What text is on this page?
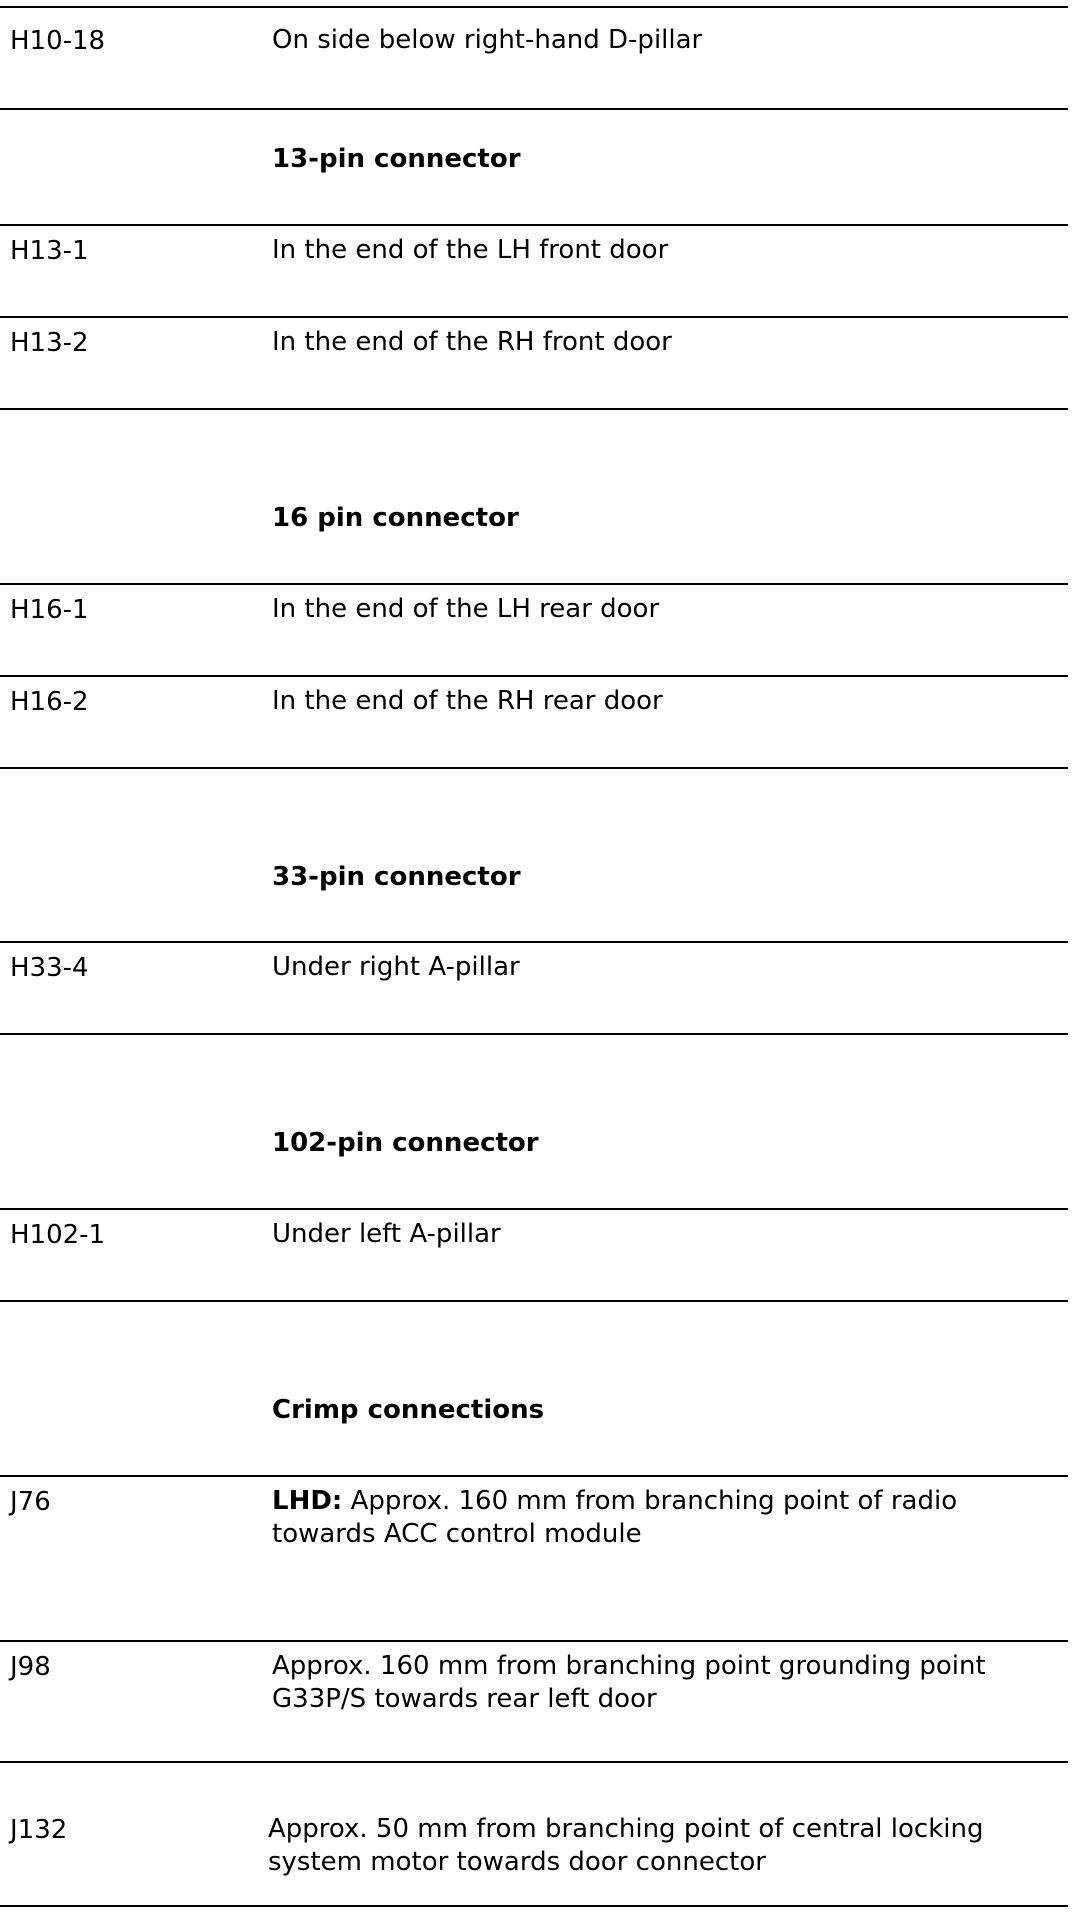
H10-18	On side below right-hand D-pillar
13-pin connector
H13-1	In the end of the LH front door
H13-2	In the end of the RH front door
16 pin connector
H16-1	In the end of the LH rear door
H16-2	In the end of the RH rear door
33-pin connector
H33-4	Under right A-pillar
102-pin connector
H102-1	Under left A-pillar
Crimp connections
J76	LHD: Approx. 160 mm from branching point of radio towards ACC control module
J98	Approx. 160 mm from branching point grounding point G33P/S towards rear left door
J132	Approx. 50 mm from branching point of central locking system motor towards door connector
